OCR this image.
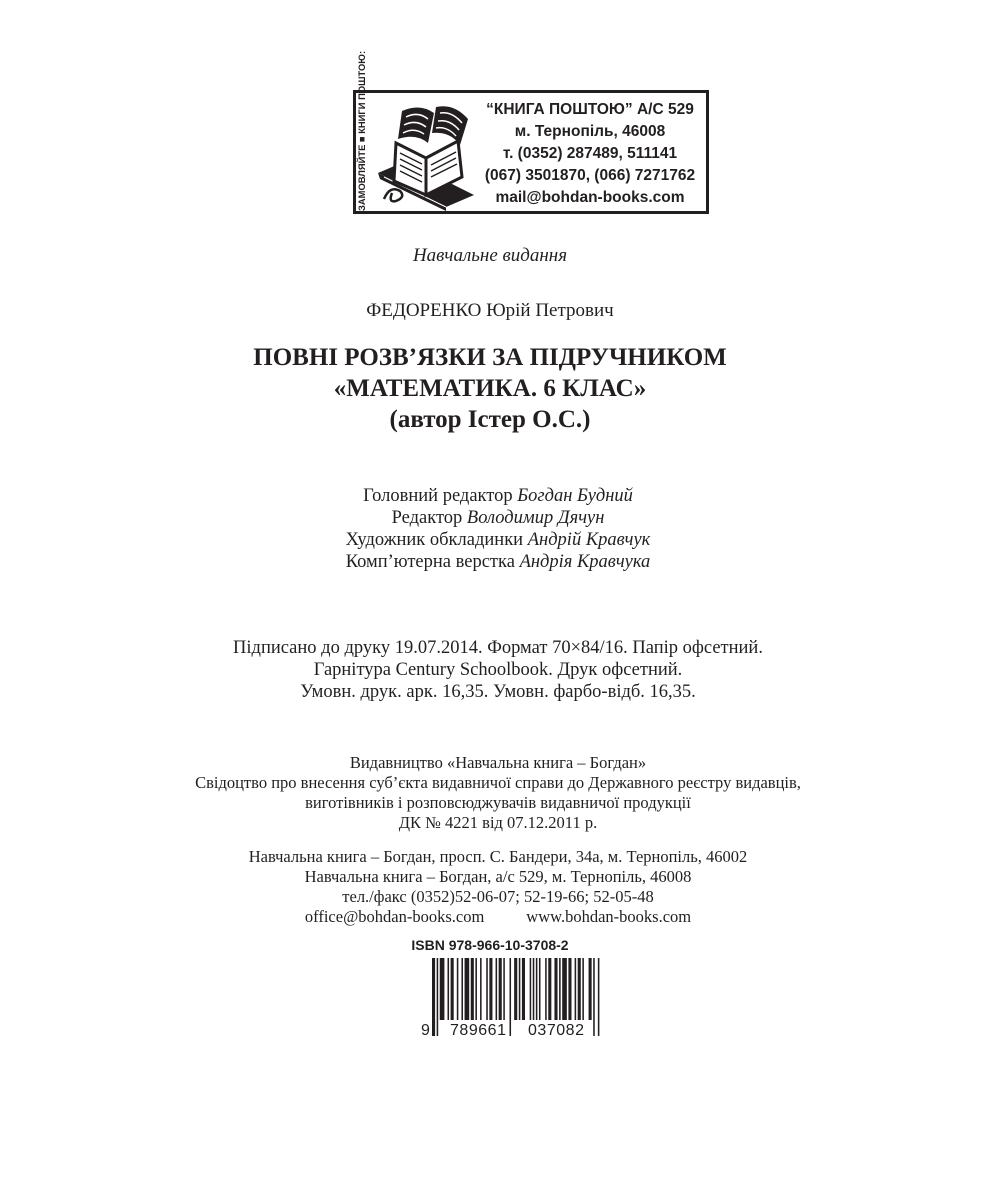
ЗАМОВЛЯЙТЕ ■ КНИГИ ПОШТОЮ:	“КНИГА ПОШТОЮ” А/С 529
м. Тернопіль, 46008
т. (0352) 287489, 511141
(067) 3501870, (066) 7271762
mail@bohdan-books.com
Навчальне видання
ФЕДОРЕНКО Юрій Петрович
ПОВНІ РОЗВ’ЯЗКИ ЗА ПІДРУЧНИКОМ
«МАТЕМАТИКА. 6 КЛАС»
(автор Істер О.С.)
Головний редактор Богдан Будний
Редактор Володимир Дячун
Художник обкладинки Андрій Кравчук
Комп’ютерна верстка Андрія Кравчука
Підписано до друку 19.07.2014. Формат 70×84/16. Папір офсетний.
Гарнітура Century Schoolbook. Друк офсетний.
Умовн. друк. арк. 16,35. Умовн. фарбо-відб. 16,35.
Видавництво «Навчальна книга – Богдан»
Свідоцтво про внесення суб’єкта видавничої справи до Державного реєстру видавців,
виготівників і розповсюджувачів видавничої продукції
ДК № 4221 від 07.12.2011 р.
Навчальна книга – Богдан, просп. С. Бандери, 34а, м. Тернопіль, 46002
Навчальна книга – Богдан, а/с 529, м. Тернопіль, 46008
тел./факс (0352)52-06-07; 52-19-66; 52-05-48
office@bohdan-books.com	www.bohdan-books.com
ISBN 978-966-10-3708-2
9 789661 037082
